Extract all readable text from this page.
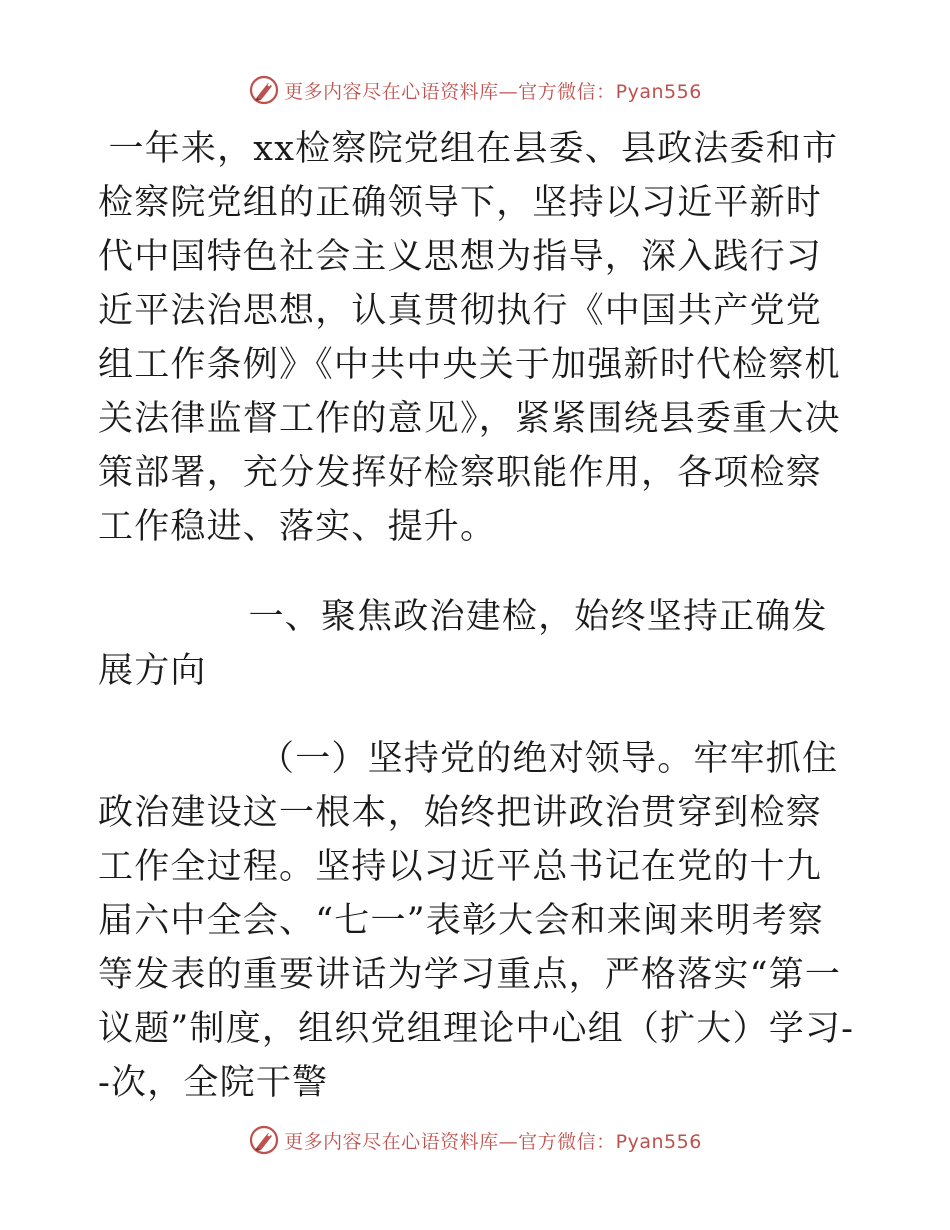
更多内容尽在心语资料库—官方微信：Pyan556

一年来，xx检察院党组在县委、县政法委和市检察院党组的正确领导下，坚持以习近平新时代中国特色社会主义思想为指导，深入践行习近平法治思想，认真贯彻执行《中国共产党党组工作条例》《中共中央关于加强新时代检察机关法律监督工作的意见》，紧紧围绕县委重大决策部署，充分发挥好检察职能作用，各项检察工作稳进、落实、提升。

一、聚焦政治建检，始终坚持正确发展方向

（一）坚持党的绝对领导。牢牢抓住政治建设这一根本，始终把讲政治贯穿到检察工作全过程。坚持以习近平总书记在党的十九届六中全会、“七一”表彰大会和来闽来明考察等发表的重要讲话为学习重点，严格落实“第一议题”制度，组织党组理论中心组（扩大）学习--次，全院干警

更多内容尽在心语资料库—官方微信：Pyan556
